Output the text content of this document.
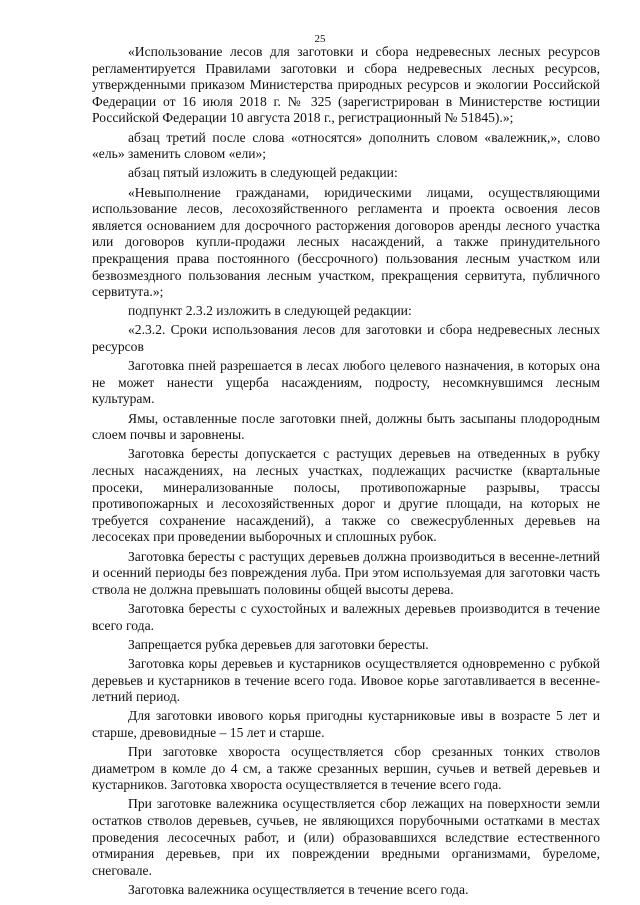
25

«Использование лесов для заготовки и сбора недревесных лесных ресурсов регламентируется Правилами заготовки и сбора недревесных лесных ресурсов, утвержденными приказом Министерства природных ресурсов и экологии Российской Федерации от 16 июля 2018 г. № 325 (зарегистрирован в Министерстве юстиции Российской Федерации 10 августа 2018 г., регистрационный № 51845).»;

абзац третий после слова «относятся» дополнить словом «валежник,», слово «ель» заменить словом «ели»;

абзац пятый изложить в следующей редакции:

«Невыполнение гражданами, юридическими лицами, осуществляющими использование лесов, лесохозяйственного регламента и проекта освоения лесов является основанием для досрочного расторжения договоров аренды лесного участка или договоров купли-продажи лесных насаждений, а также принудительного прекращения права постоянного (бессрочного) пользования лесным участком или безвозмездного пользования лесным участком, прекращения сервитута, публичного сервитута.»;

подпункт 2.3.2 изложить в следующей редакции:

«2.3.2. Сроки использования лесов для заготовки и сбора недревесных лесных ресурсов

Заготовка пней разрешается в лесах любого целевого назначения, в которых она не может нанести ущерба насаждениям, подросту, несомкнувшимся лесным культурам.

Ямы, оставленные после заготовки пней, должны быть засыпаны плодородным слоем почвы и заровнены.

Заготовка бересты допускается с растущих деревьев на отведенных в рубку лесных насаждениях, на лесных участках, подлежащих расчистке (квартальные просеки, минерализованные полосы, противопожарные разрывы, трассы противопожарных и лесохозяйственных дорог и другие площади, на которых не требуется сохранение насаждений), а также со свежесрубленных деревьев на лесосеках при проведении выборочных и сплошных рубок.

Заготовка бересты с растущих деревьев должна производиться в весенне-летний и осенний периоды без повреждения луба. При этом используемая для заготовки часть ствола не должна превышать половины общей высоты дерева.

Заготовка бересты с сухостойных и валежных деревьев производится в течение всего года.

Запрещается рубка деревьев для заготовки бересты.

Заготовка коры деревьев и кустарников осуществляется одновременно с рубкой деревьев и кустарников в течение всего года. Ивовое корье заготавливается в весенне-летний период.

Для заготовки ивового корья пригодны кустарниковые ивы в возрасте 5 лет и старше, древовидные – 15 лет и старше.

При заготовке хвороста осуществляется сбор срезанных тонких стволов диаметром в комле до 4 см, а также срезанных вершин, сучьев и ветвей деревьев и кустарников. Заготовка хвороста осуществляется в течение всего года.

При заготовке валежника осуществляется сбор лежащих на поверхности земли остатков стволов деревьев, сучьев, не являющихся порубочными остатками в местах проведения лесосечных работ, и (или) образовавшихся вследствие естественного отмирания деревьев, при их повреждении вредными организмами, буреломе, снеговале.

Заготовка валежника осуществляется в течение всего года.
